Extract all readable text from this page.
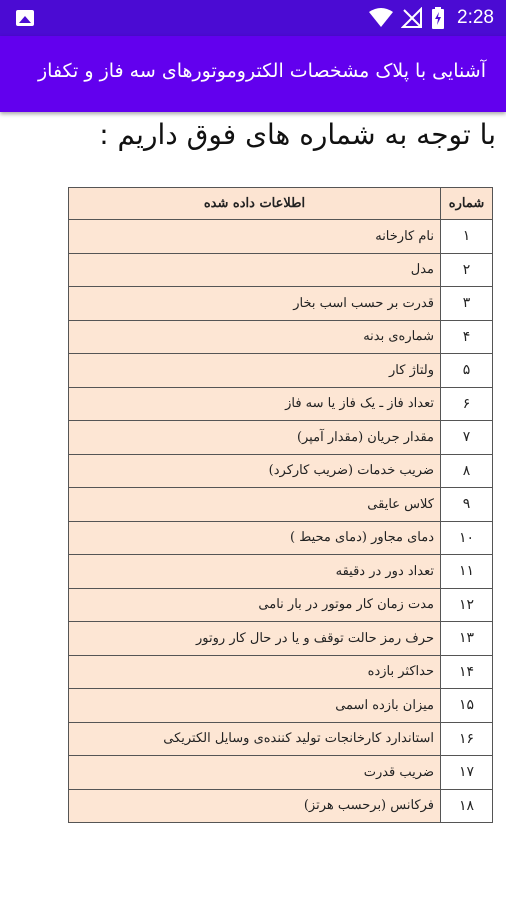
2:28
آشنایی با پلاک مشخصات الکتروموتورهای سه فاز و تکفاز
با توجه به شماره های فوق داریم :
شماره	اطلاعات داده شده
۱	نام کارخانه
۲	مدل
۳	قدرت بر حسب اسب بخار
۴	شماره‌ی بدنه
۵	ولتاژ کار
۶	تعداد فاز ـ یک فاز یا سه فاز
۷	مقدار جریان (مقدار آمپر)
۸	ضریب خدمات (ضریب کارکرد)
۹	کلاس عایقی
۱۰	دمای مجاور (دمای محیط )
۱۱	تعداد دور در دقیقه
۱۲	مدت زمان کار موتور در بار نامی
۱۳	حرف رمز حالت توقف و یا در حال کار روتور
۱۴	حداکثر بازده
۱۵	میزان بازده اسمی
۱۶	استاندارد کارخانجات تولید کننده‌ی وسایل الکتریکی
۱۷	ضریب قدرت
۱۸	فرکانس (برحسب هرتز)
